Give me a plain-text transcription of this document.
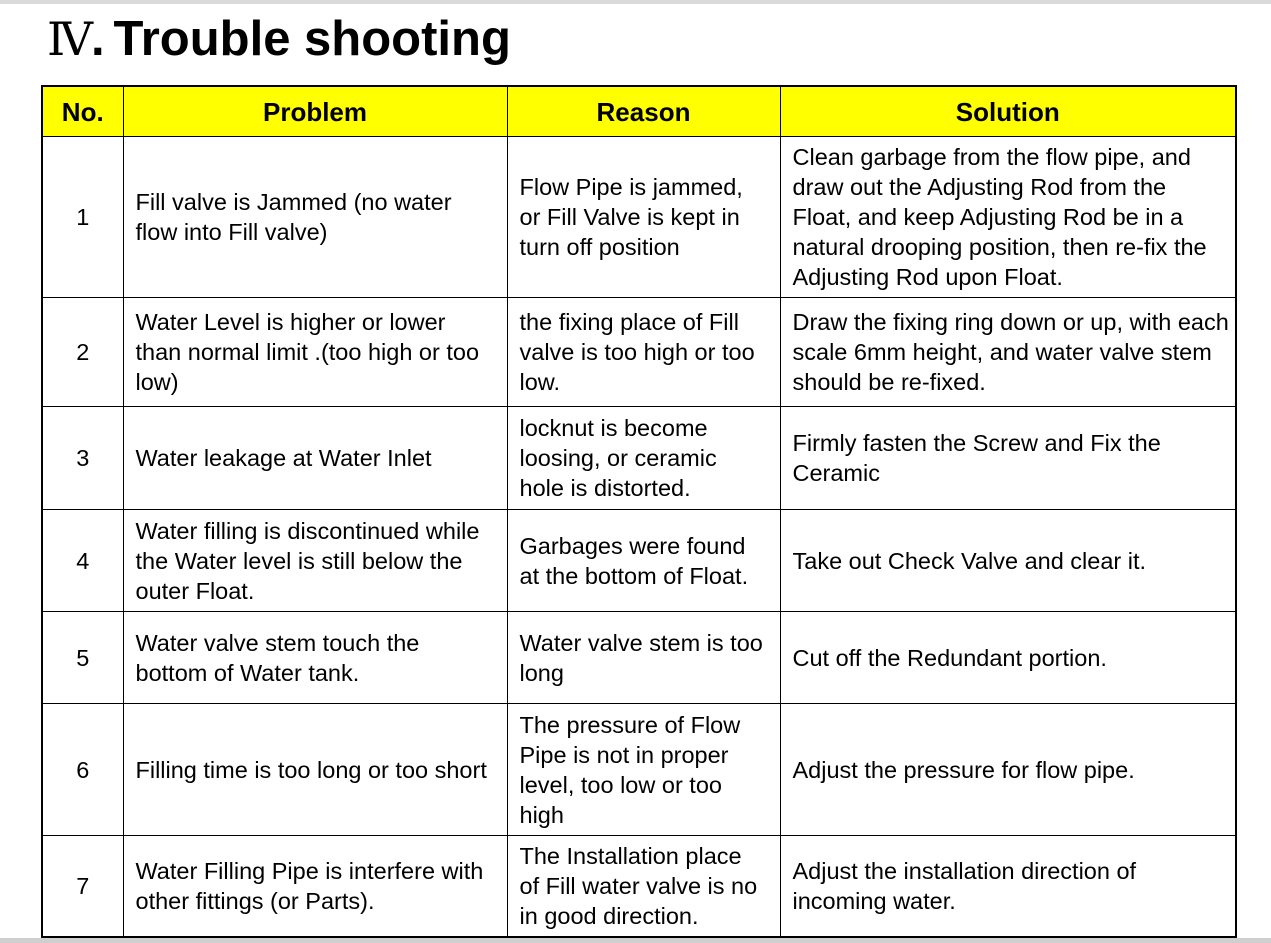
Ⅳ. Trouble shooting
No.	Problem	Reason	Solution
1	Fill valve is Jammed (no water flow into Fill valve)	Flow Pipe is jammed, or Fill Valve is kept in turn off position	Clean garbage from the flow pipe, and draw out the Adjusting Rod from the Float, and keep Adjusting Rod be in a natural drooping position, then re-fix the Adjusting Rod upon Float.
2	Water Level is higher or lower than normal limit .(too high or too low)	the fixing place of Fill valve is too high or too low.	Draw the fixing ring down or up, with each scale 6mm height, and water valve stem should be re-fixed.
3	Water leakage at Water Inlet	locknut is become loosing, or ceramic hole is distorted.	Firmly fasten the Screw and Fix the Ceramic
4	Water filling is discontinued while the Water level is still below the outer Float.	Garbages were found at the bottom of Float.	Take out Check Valve and clear it.
5	Water valve stem touch the bottom of Water tank.	Water valve stem is too long	Cut off the Redundant portion.
6	Filling time is too long or too short	The pressure of Flow Pipe is not in proper level, too low or too high	Adjust the pressure for flow pipe.
7	Water Filling Pipe is interfere with other fittings (or Parts).	The Installation place of Fill water valve is no in good direction.	Adjust the installation direction of incoming water.
